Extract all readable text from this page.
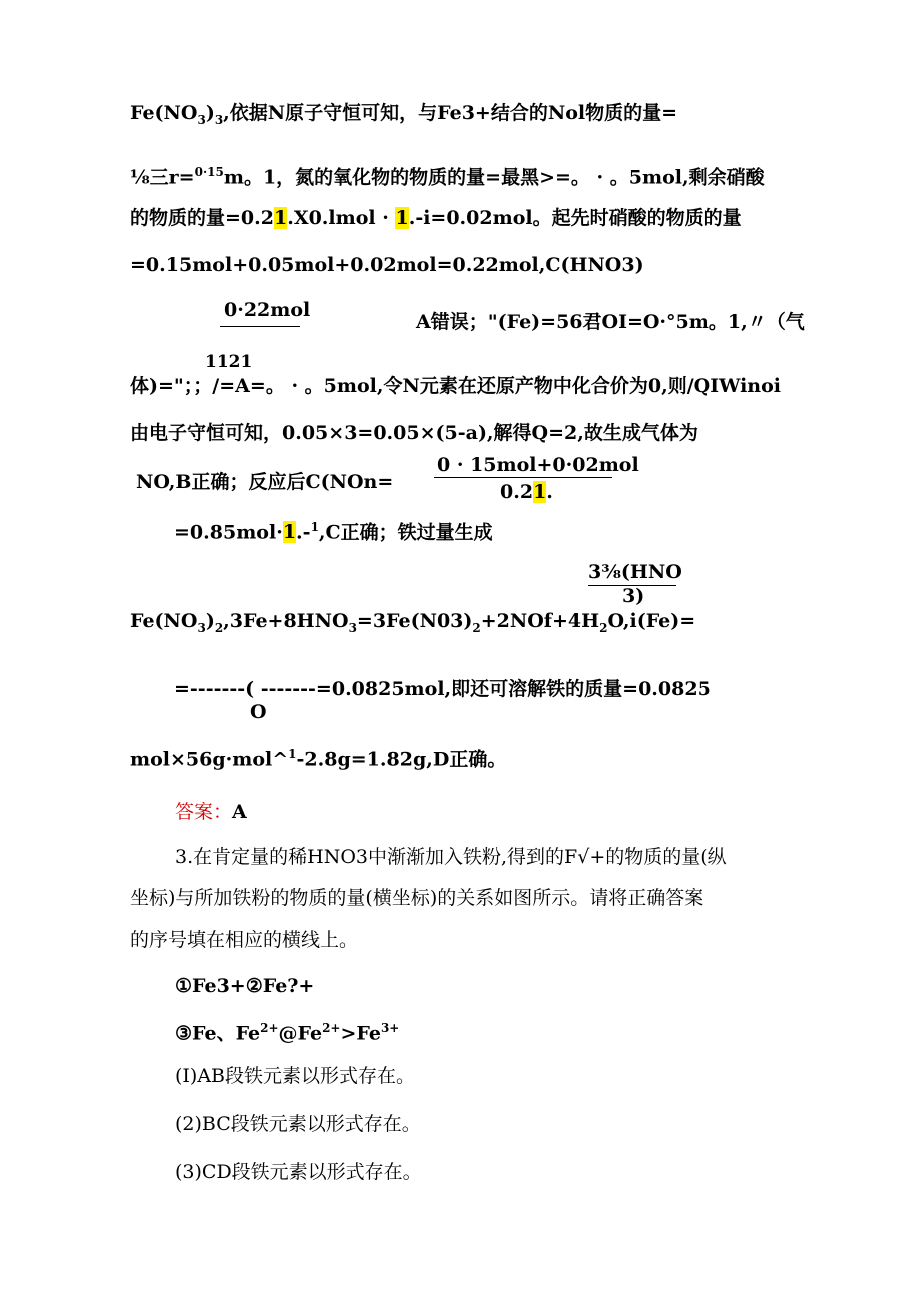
$Fe(NO_3)_3$,依据N原子守恒可知，与Fe3+结合的Nol物质的量=
⅛三r=$^{0\cdot 15}$m。1，氮的氧化物的物质的量=最黑>=。 · 。5mol,剩余硝酸
的物质的量=0.21.X0.lmol · 1.-i=0.02mol。起先时硝酸的物质的量
=0.15mol+0.05mol+0.02mol=0.22mol,C(HNO3)
0·22mol
A错误；"(Fe)=56君OI=O·°5m。1,〃（气
1121
体)="；；/=A=。 · 。5mol,令N元素在还原产物中化合价为0,则/QIWinoi
由电子守恒可知，0.05×3=0.05×(5-a),解得Q=2,故生成气体为
NO,B正确；反应后C(NOn=
0 · 15mol+0·02mol
0.21.
=0.85mol·1.-$^1$,C正确；铁过量生成
3⅜(HNO
3)
$Fe(NO_3)_2,3Fe+8HNO_3=3Fe(N03)_2+2NOf+4H_2O,i(Fe)=$
=-------( -------=0.0825mol,即还可溶解铁的质量=0.0825
O
mol×56g·mol^$^1$-2.8g=1.82g,D正确。
答案：A
3.在肯定量的稀HNO3中渐渐加入铁粉,得到的F√+的物质的量(纵
坐标)与所加铁粉的物质的量(横坐标)的关系如图所示。请将正确答案
的序号填在相应的横线上。
①Fe3+②Fe?+
③Fe、$Fe^{2+}@Fe^{2+}>Fe^{3+}$
(I)AB段铁元素以形式存在。
(2)BC段铁元素以形式存在。
(3)CD段铁元素以形式存在。
